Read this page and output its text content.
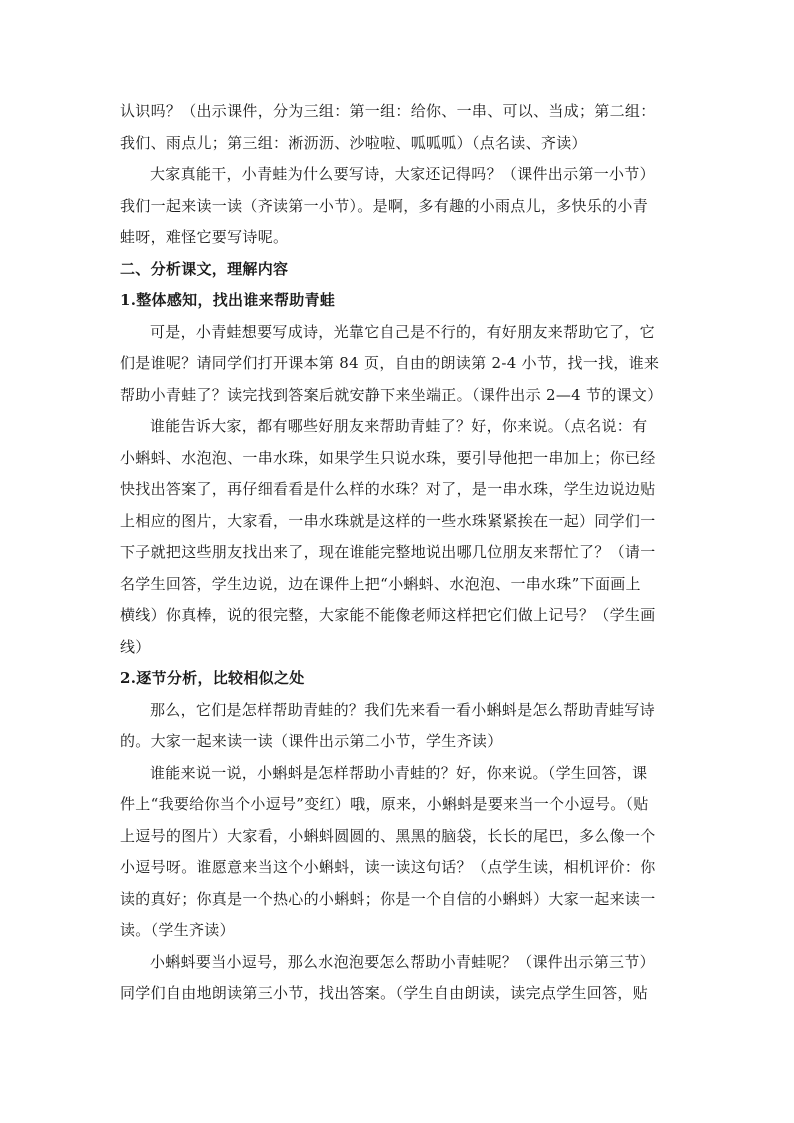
认识吗？（出示课件，分为三组：第一组：给你、一串、可以、当成；第二组：
我们、雨点儿；第三组：淅沥沥、沙啦啦、呱呱呱）（点名读、齐读）
大家真能干，小青蛙为什么要写诗，大家还记得吗？（课件出示第一小节）
我们一起来读一读（齐读第一小节）。是啊，多有趣的小雨点儿，多快乐的小青
蛙呀，难怪它要写诗呢。
二、分析课文，理解内容
1.整体感知，找出谁来帮助青蛙
可是，小青蛙想要写成诗，光靠它自己是不行的，有好朋友来帮助它了，它
们是谁呢？请同学们打开课本第 84 页，自由的朗读第 2-4 小节，找一找，谁来
帮助小青蛙了？读完找到答案后就安静下来坐端正。（课件出示 2—4 节的课文）
谁能告诉大家，都有哪些好朋友来帮助青蛙了？好，你来说。（点名说：有
小蝌蚪、水泡泡、一串水珠，如果学生只说水珠，要引导他把一串加上；你已经
快找出答案了，再仔细看看是什么样的水珠？对了，是一串水珠，学生边说边贴
上相应的图片，大家看，一串水珠就是这样的一些水珠紧紧挨在一起）同学们一
下子就把这些朋友找出来了，现在谁能完整地说出哪几位朋友来帮忙了？（请一
名学生回答，学生边说，边在课件上把“小蝌蚪、水泡泡、一串水珠”下面画上
横线）你真棒，说的很完整，大家能不能像老师这样把它们做上记号？（学生画
线）
2.逐节分析，比较相似之处
那么，它们是怎样帮助青蛙的？我们先来看一看小蝌蚪是怎么帮助青蛙写诗
的。大家一起来读一读（课件出示第二小节，学生齐读）
谁能来说一说，小蝌蚪是怎样帮助小青蛙的？好，你来说。（学生回答，课
件上“我要给你当个小逗号”变红）哦，原来，小蝌蚪是要来当一个小逗号。（贴
上逗号的图片）大家看，小蝌蚪圆圆的、黑黑的脑袋，长长的尾巴，多么像一个
小逗号呀。谁愿意来当这个小蝌蚪，读一读这句话？（点学生读，相机评价：你
读的真好；你真是一个热心的小蝌蚪；你是一个自信的小蝌蚪）大家一起来读一
读。（学生齐读）
小蝌蚪要当小逗号，那么水泡泡要怎么帮助小青蛙呢？（课件出示第三节）
同学们自由地朗读第三小节，找出答案。（学生自由朗读，读完点学生回答，贴
